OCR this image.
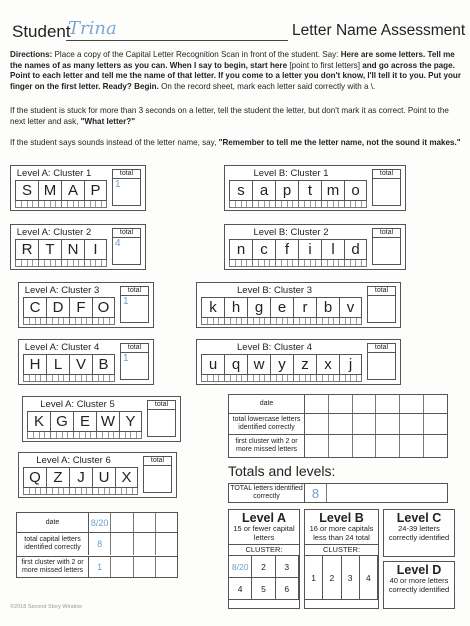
Student
Trina	Letter Name Assessment
Directions: Place a copy of the Capital Letter Recognition Scan in front of the student. Say: Here are some letters. Tell me the names of as many letters as you can. When I say to begin, start here [point to first letters] and go across the page. Point to each letter and tell me the name of that letter. If you come to a letter you don't know, I'll tell it to you. Put your finger on the first letter. Ready? Begin. On the record sheet, mark each letter said correctly with a \.
If the student is stuck for more than 3 seconds on a letter, tell the student the letter, but don't mark it as correct. Point to the next letter and ask, "What letter?"
If the student says sounds instead of the letter name, say, "Remember to tell me the letter name, not the sound it makes."
Level A: Cluster 1
S M A P
total
1
Level A: Cluster 2
R T N I
total
4
Level A: Cluster 3
C D F O
total
1
Level A: Cluster 4
H L V B
total
1
Level A: Cluster 5
K G E W Y
total
Level A: Cluster 6
Q Z J U X
total
Level B: Cluster 1
s	a p	t m o
total
Level B: Cluster 2
n	c	f	i	l	d
total
Level B: Cluster 3
k	h g e	r	b v
total
Level B: Cluster 4
u q w y	z	x	j
total
date
total lowercase letters identified correctly
first cluster with 2 or more missed letters
Totals and levels:
TOTAL letters identified correctly	8
date	8/20
total capital letters identified correctly	8
first cluster with 2 or more missed letters	1
Level A

15 or fewer capital letters

CLUSTER:
8/20	2	3
4	5	6
Level B

16 or more capitals less than 24 total

CLUSTER:
1	2	3	4
Level C

24-39 letters correctly identified

Level D

40 or more letters correctly identified

©2018 Second Story Window
